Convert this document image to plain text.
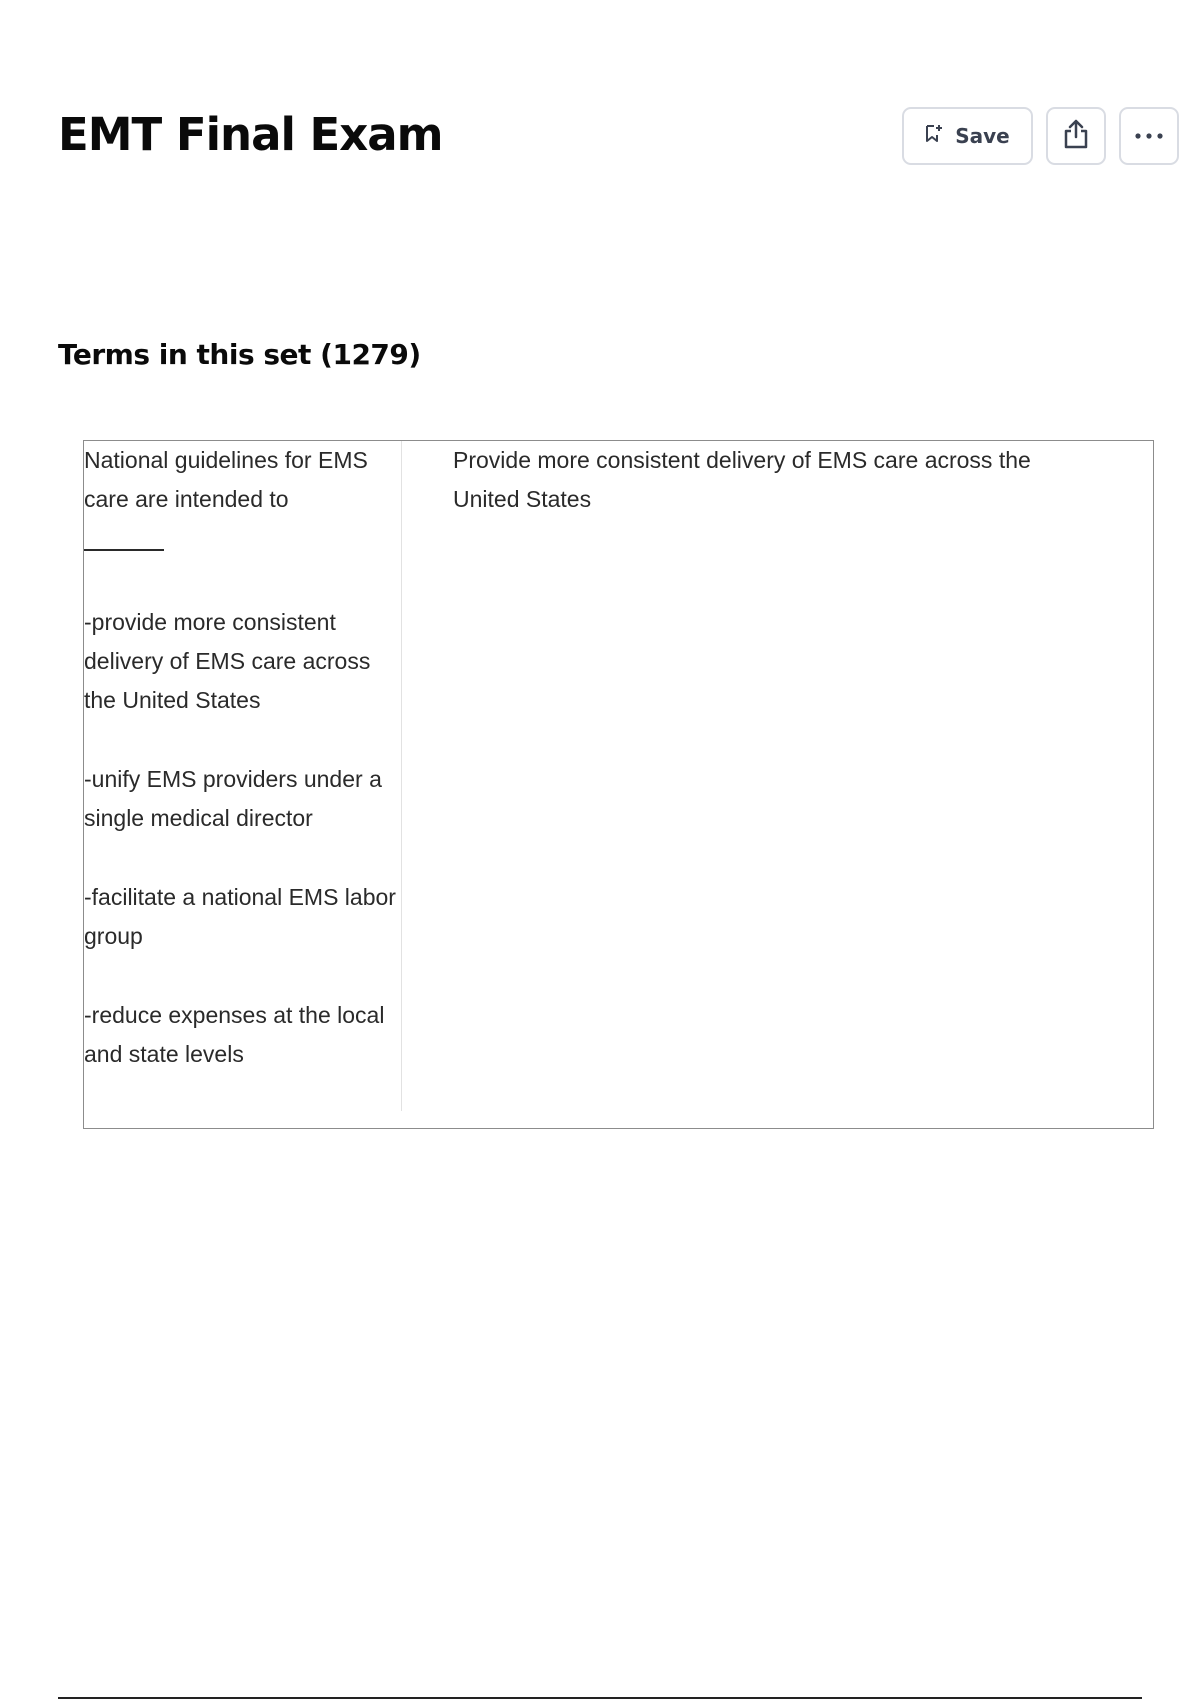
EMT Final Exam	Save
Terms in this set (1279)

National guidelines for EMS care are intended to

-provide more consistent delivery of EMS care across the United States

-unify EMS providers under a single medical director

-facilitate a national EMS labor group

-reduce expenses at the local and state levels

Provide more consistent delivery of EMS care across the United States
